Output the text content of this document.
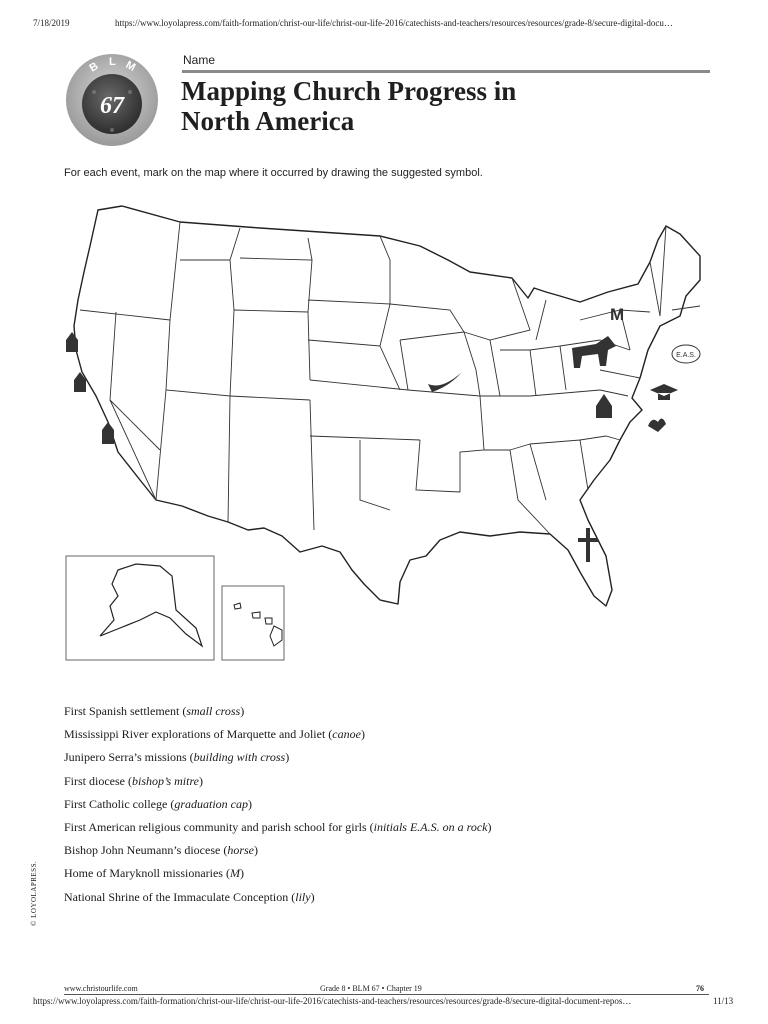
7/18/2019	https://www.loyolapress.com/faith-formation/christ-our-life/christ-our-life-2016/catechists-and-teachers/resources/resources/grade-8/secure-digital-docu…
B L M
67
Name
Mapping Church Progress in
North America
For each event, mark on the map where it occurred by drawing the suggested symbol.
M
E.A.S.
First Spanish settlement (small cross)
Mississippi River explorations of Marquette and Joliet (canoe)
Junipero Serra’s missions (building with cross)
First diocese (bishop’s mitre)
First Catholic college (graduation cap)
First American religious community and parish school for girls (initials E.A.S. on a rock)
Bishop John Neumann’s diocese (horse)
Home of Maryknoll missionaries (M)
National Shrine of the Immaculate Conception (lily)
© LOYOLAPRESS.
www.christourlife.com	Grade 8 • BLM 67 • Chapter 19	76
https://www.loyolapress.com/faith-formation/christ-our-life/christ-our-life-2016/catechists-and-teachers/resources/resources/grade-8/secure-digital-document-repos…	11/13
